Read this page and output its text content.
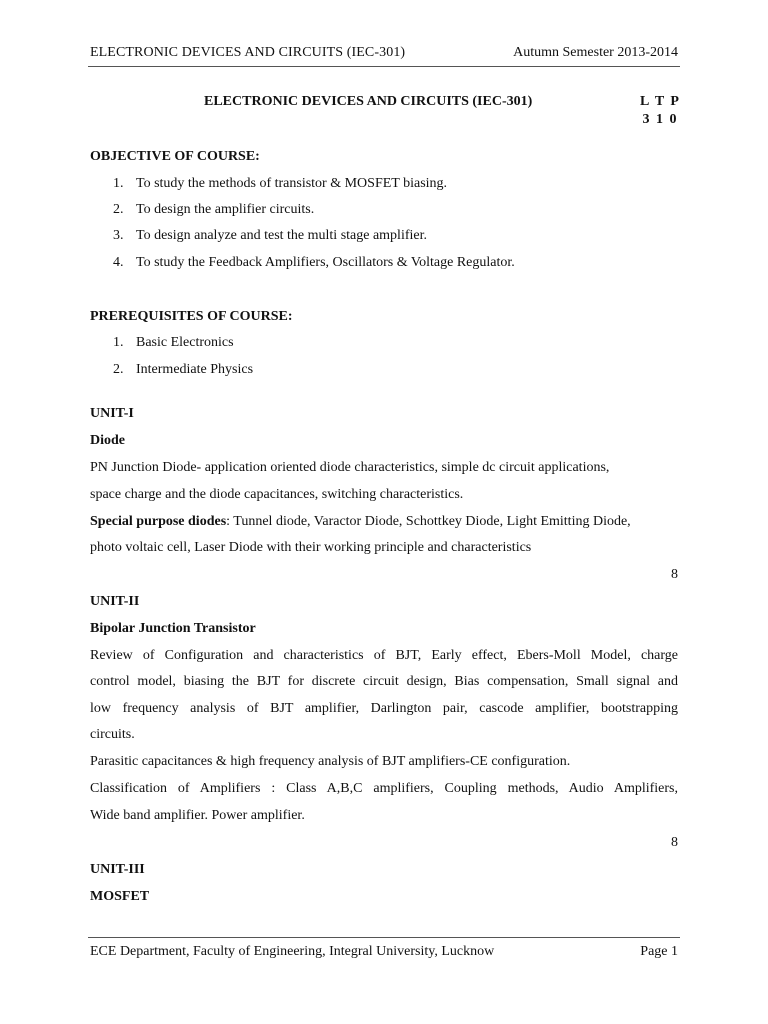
ELECTRONIC DEVICES AND CIRCUITS (IEC-301)	Autumn Semester 2013-2014
ELECTRONIC DEVICES AND CIRCUITS (IEC-301)	L T P
3 1 0
OBJECTIVE OF COURSE:
1. To study the methods of transistor & MOSFET biasing.
2. To design the amplifier circuits.
3. To design analyze and test the multi stage amplifier.
4. To study the Feedback Amplifiers, Oscillators & Voltage Regulator.
PREREQUISITES OF COURSE:
1. Basic Electronics
2. Intermediate Physics
UNIT-I
Diode
PN Junction Diode- application oriented diode characteristics, simple dc circuit applications,
space charge and the diode capacitances, switching characteristics.
Special purpose diodes: Tunnel diode, Varactor Diode, Schottkey Diode, Light Emitting Diode,
photo voltaic cell, Laser Diode with their working principle and characteristics
8
UNIT-II
Bipolar Junction Transistor
Review of Configuration and characteristics of BJT, Early effect, Ebers-Moll Model, charge
control model, biasing the BJT for discrete circuit design, Bias compensation, Small signal and
low frequency analysis of BJT amplifier, Darlington pair, cascode amplifier, bootstrapping
circuits.
Parasitic capacitances & high frequency analysis of BJT amplifiers-CE configuration.
Classification of Amplifiers : Class A,B,C amplifiers, Coupling methods, Audio Amplifiers,
Wide band amplifier. Power amplifier.
8
UNIT-III
MOSFET
ECE Department, Faculty of Engineering, Integral University, Lucknow	Page 1
